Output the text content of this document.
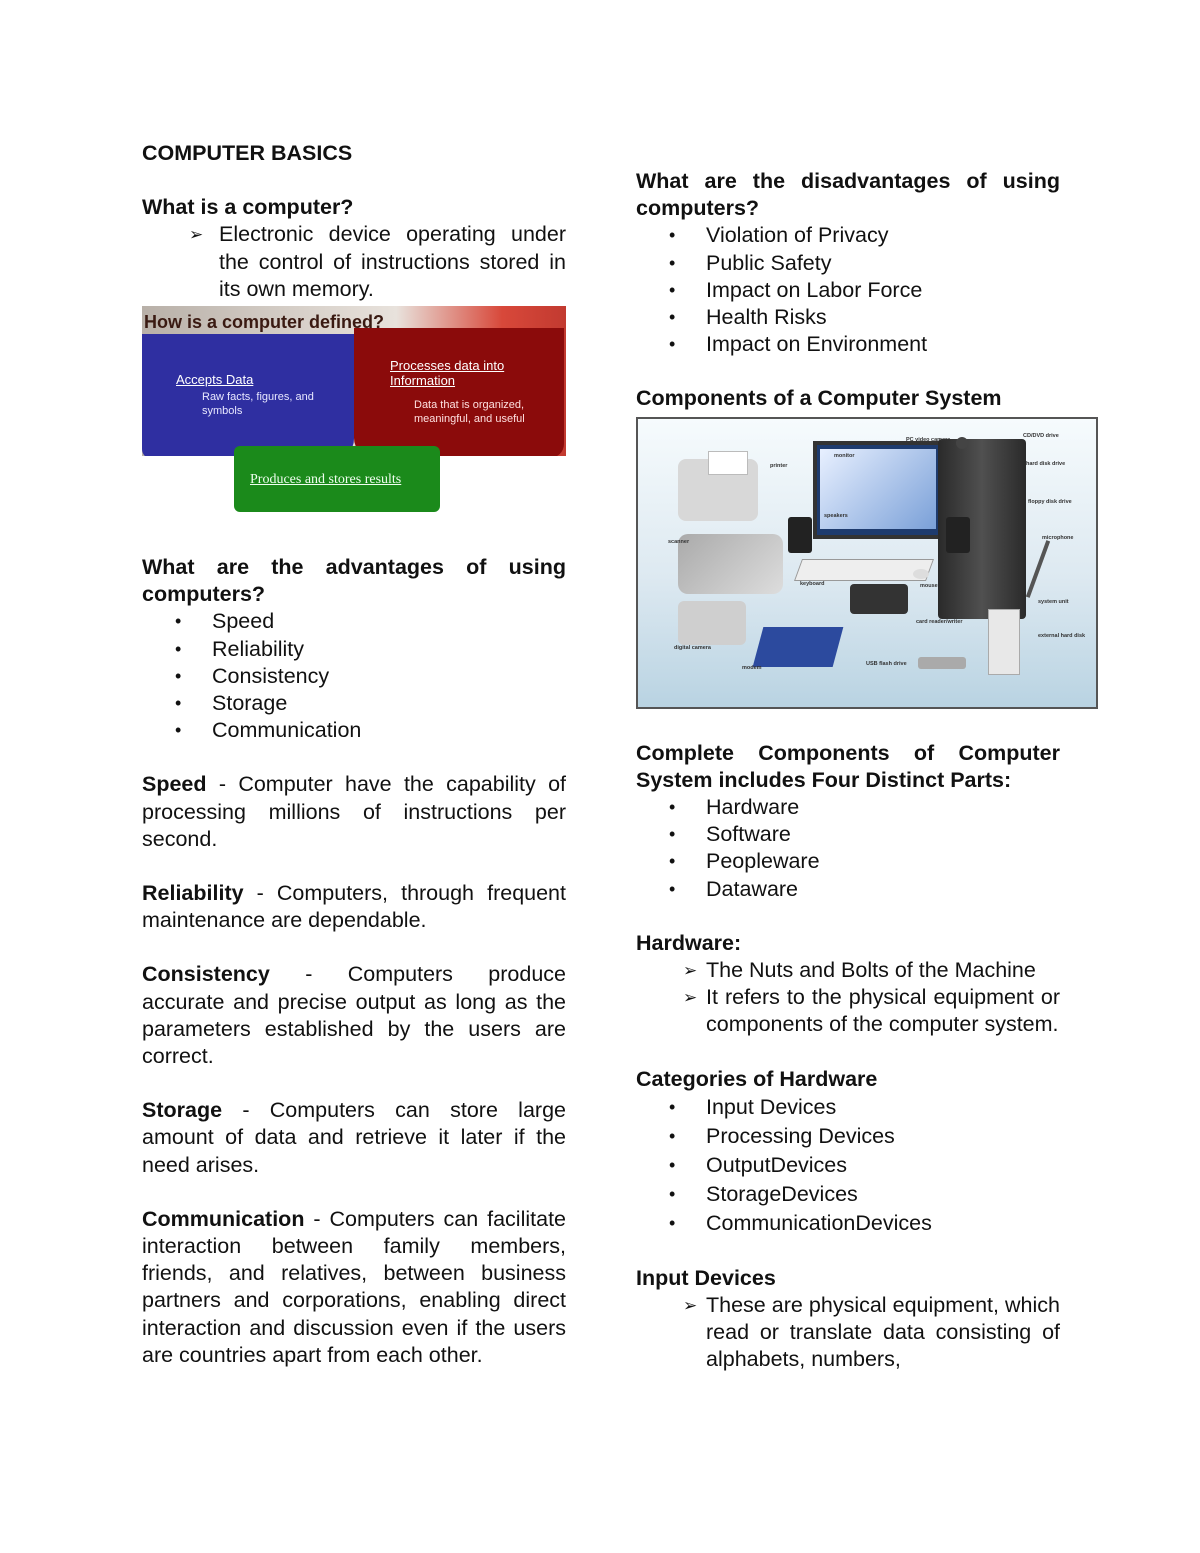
COMPUTER BASICS

What is a computer?

➢ Electronic device operating under the control of instructions stored in its own memory.
How is a computer defined?
Accepts Data
Raw facts, figures, and symbols
Processes data into Information
Data that is organized, meaningful, and useful
Produces and stores results

What are the advantages of using computers?

• Speed
• Reliability
• Consistency
• Storage
• Communication

Speed - Computer have the capability of processing millions of instructions per second.

Reliability - Computers, through frequent maintenance are dependable.

Consistency - Computers produce accurate and precise output as long as the parameters established by the users are correct.

Storage - Computers can store large amount of data and retrieve it later if the need arises.

Communication - Computers can facilitate interaction between family members, friends, and relatives, between business partners and corporations, enabling direct interaction and discussion even if the users are countries apart from each other.

What are the disadvantages of using computers?

• Violation of Privacy
• Public Safety
• Impact on Labor Force
• Health Risks
• Impact on Environment

Components of a Computer System

PC video camera
CD/DVD drive
monitor
printer	hard disk drive
floppy disk drive
speakers
microphone
scanner
keyboard	mouse
system unit
card reader/writer
external hard disk
digital camera
modem
USB flash drive

Complete Components of Computer System includes Four Distinct Parts:

• Hardware
• Software
• Peopleware
• Dataware

Hardware:

➢ The Nuts and Bolts of the Machine
➢ It refers to the physical equipment or components of the computer system.

Categories of Hardware

• Input Devices
• Processing Devices
• OutputDevices
• StorageDevices
• CommunicationDevices

Input Devices

➢ These are physical equipment, which read or translate data consisting of alphabets, numbers,
